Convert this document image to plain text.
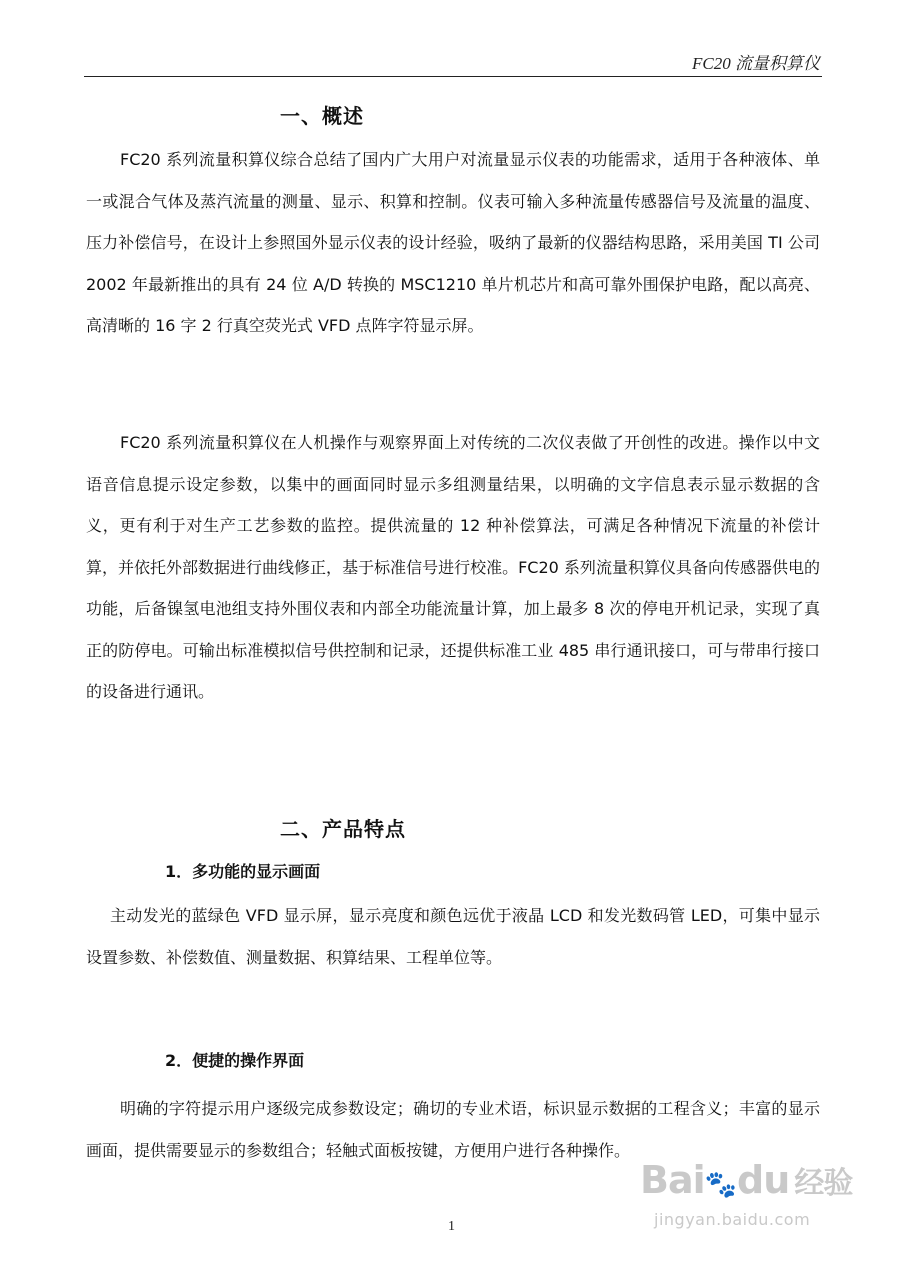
FC20 流量积算仪
一、概述
FC20 系列流量积算仪综合总结了国内广大用户对流量显示仪表的功能需求，适用于各种液体、单一或混合气体及蒸汽流量的测量、显示、积算和控制。仪表可输入多种流量传感器信号及流量的温度、压力补偿信号，在设计上参照国外显示仪表的设计经验，吸纳了最新的仪器结构思路，采用美国 TI 公司 2002 年最新推出的具有 24 位 A/D 转换的 MSC1210 单片机芯片和高可靠外围保护电路，配以高亮、高清晰的 16 字 2 行真空荧光式 VFD 点阵字符显示屏。
FC20 系列流量积算仪在人机操作与观察界面上对传统的二次仪表做了开创性的改进。操作以中文语音信息提示设定参数，以集中的画面同时显示多组测量结果，以明确的文字信息表示显示数据的含义，更有利于对生产工艺参数的监控。提供流量的 12 种补偿算法，可满足各种情况下流量的补偿计算，并依托外部数据进行曲线修正，基于标准信号进行校准。FC20 系列流量积算仪具备向传感器供电的功能，后备镍氢电池组支持外围仪表和内部全功能流量计算，加上最多 8 次的停电开机记录，实现了真正的防停电。可输出标准模拟信号供控制和记录，还提供标准工业 485 串行通讯接口，可与带串行接口的设备进行通讯。
二、产品特点
1．多功能的显示画面
主动发光的蓝绿色 VFD 显示屏，显示亮度和颜色远优于液晶 LCD 和发光数码管 LED，可集中显示设置参数、补偿数值、测量数据、积算结果、工程单位等。
2．便捷的操作界面
明确的字符提示用户逐级完成参数设定；确切的专业术语，标识显示数据的工程含义；丰富的显示画面，提供需要显示的参数组合；轻触式面板按键，方便用户进行各种操作。
1
Bai🐾du 经验
jingyan.baidu.com
